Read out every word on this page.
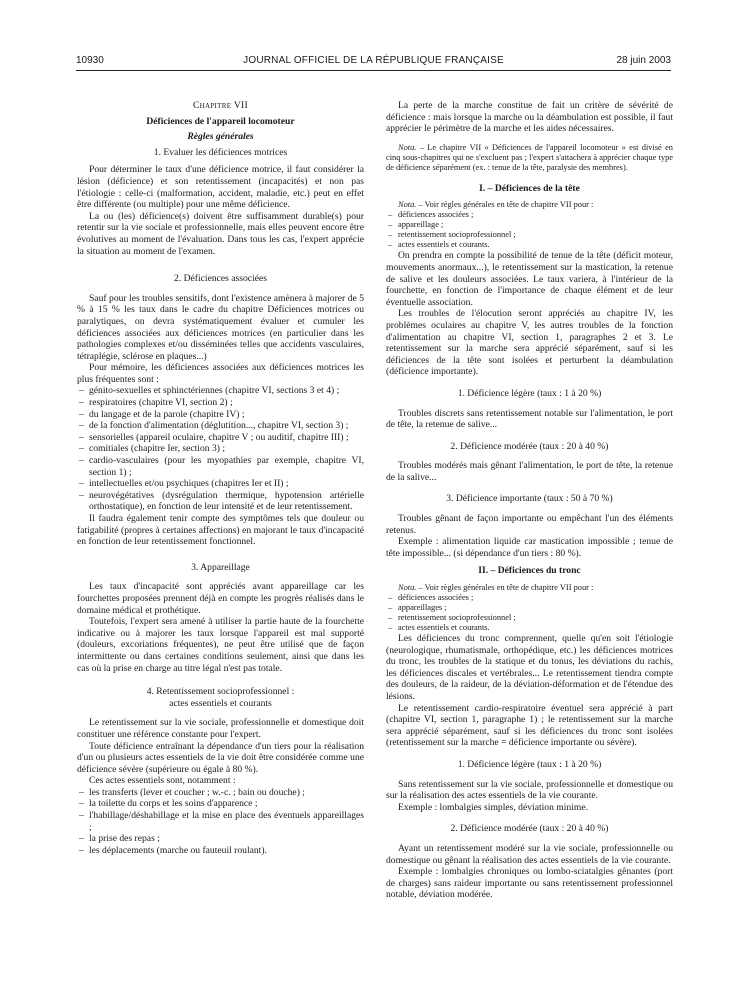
10930	JOURNAL OFFICIEL DE LA RÉPUBLIQUE FRANÇAISE	28 juin 2003

Chapitre VII

Déficiences de l'appareil locomoteur

Règles générales

1. Evaluer les déficiences motrices

Pour déterminer le taux d'une déficience motrice, il faut considérer la lésion (déficience) et son retentissement (incapacités) et non pas l'étiologie : celle-ci (malformation, accident, maladie, etc.) peut en effet être différente (ou multiple) pour une même déficience.

La ou (les) déficience(s) doivent être suffisamment durable(s) pour retentir sur la vie sociale et professionnelle, mais elles peuvent encore être évolutives au moment de l'évaluation. Dans tous les cas, l'expert apprécie la situation au moment de l'examen.

2. Déficiences associées

Sauf pour les troubles sensitifs, dont l'existence amènera à majorer de 5 % à 15 % les taux dans le cadre du chapitre Déficiences motrices ou paralytiques, on devra systématiquement évaluer et cumuler les déficiences associées aux déficiences motrices (en particulier dans les pathologies complexes et/ou disséminées telles que accidents vasculaires, tétraplégie, sclérose en plaques...)

Pour mémoire, les déficiences associées aux déficiences motrices les plus fréquentes sont :

– génito-sexuelles et sphinctériennes (chapitre VI, sections 3 et 4) ;
– respiratoires (chapitre VI, section 2) ;
– du langage et de la parole (chapitre IV) ;
– de la fonction d'alimentation (déglutition..., chapitre VI, section 3) ;
– sensorielles (appareil oculaire, chapitre V ; ou auditif, chapitre III) ;
– comitiales (chapitre Ier, section 3) ;
– cardio-vasculaires (pour les myopathies par exemple, chapitre VI, section 1) ;
– intellectuelles et/ou psychiques (chapitres Ier et II) ;
– neurovégétatives (dysrégulation thermique, hypotension artérielle orthostatique), en fonction de leur intensité et de leur retentissement.

Il faudra également tenir compte des symptômes tels que douleur ou fatigabilité (propres à certaines affections) en majorant le taux d'incapacité en fonction de leur retentissement fonctionnel.

3. Appareillage

Les taux d'incapacité sont appréciés avant appareillage car les fourchettes proposées prennent déjà en compte les progrès réalisés dans le domaine médical et prothétique.

Toutefois, l'expert sera amené à utiliser la partie haute de la fourchette indicative ou à majorer les taux lorsque l'appareil est mal supporté (douleurs, excoriations fréquentes), ne peut être utilisé que de façon intermittente ou dans certaines conditions seulement, ainsi que dans les cas où la prise en charge au titre légal n'est pas totale.

4. Retentissement socioprofessionnel :

actes essentiels et courants

Le retentissement sur la vie sociale, professionnelle et domestique doit constituer une référence constante pour l'expert.

Toute déficience entraînant la dépendance d'un tiers pour la réalisation d'un ou plusieurs actes essentiels de la vie doit être considérée comme une déficience sévère (supérieure ou égale à 80 %).

Ces actes essentiels sont, notamment :

– les transferts (lever et coucher ; w.-c. ; bain ou douche) ;
– la toilette du corps et les soins d'apparence ;
– l'habillage/déshabillage et la mise en place des éventuels appareillages ;
– la prise des repas ;
– les déplacements (marche ou fauteuil roulant).

La perte de la marche constitue de fait un critère de sévérité de déficience : mais lorsque la marche ou la déambulation est possible, il faut apprécier le périmètre de la marche et les aides nécessaires.

Nota. – Le chapitre VII « Déficiences de l'appareil locomoteur » est divisé en cinq sous-chapitres qui ne s'excluent pas ; l'expert s'attachera à apprécier chaque type de déficience séparément (ex. : tenue de la tête, paralysie des membres).

I. – Déficiences de la tête

Nota. – Voir règles générales en tête de chapitre VII pour :

– déficiences associées ;
– appareillage ;
– retentissement socioprofessionnel ;
– actes essentiels et courants.

On prendra en compte la possibilité de tenue de la tête (déficit moteur, mouvements anormaux...), le retentissement sur la mastication, la retenue de salive et les douleurs associées. Le taux variera, à l'intérieur de la fourchette, en fonction de l'importance de chaque élément et de leur éventuelle association.

Les troubles de l'élocution seront appréciés au chapitre IV, les problèmes oculaires au chapitre V, les autres troubles de la fonction d'alimentation au chapitre VI, section 1, paragraphes 2 et 3. Le retentissement sur la marche sera apprécié séparément, sauf si les déficiences de la tête sont isolées et perturbent la déambulation (déficience importante).

1. Déficience légère (taux : 1 à 20 %)

Troubles discrets sans retentissement notable sur l'alimentation, le port de tête, la retenue de salive...

2. Déficience modérée (taux : 20 à 40 %)

Troubles modérés mais gênant l'alimentation, le port de tête, la retenue de la salive...

3. Déficience importante (taux : 50 à 70 %)

Troubles gênant de façon importante ou empêchant l'un des éléments retenus.

Exemple : alimentation liquide car mastication impossible ; tenue de tête impossible... (si dépendance d'un tiers : 80 %).

II. – Déficiences du tronc

Nota. – Voir règles générales en tête de chapitre VII pour :

– déficiences associées ;
– appareillages ;
– retentissement socioprofessionnel ;
– actes essentiels et courants.

Les déficiences du tronc comprennent, quelle qu'en soit l'étiologie (neurologique, rhumatismale, orthopédique, etc.) les déficiences motrices du tronc, les troubles de la statique et du tonus, les déviations du rachis, les déficiences discales et vertébrales... Le retentissement tiendra compte des douleurs, de la raideur, de la déviation-déformation et de l'étendue des lésions.

Le retentissement cardio-respiratoire éventuel sera apprécié à part (chapitre VI, section 1, paragraphe 1) ; le retentissement sur la marche sera apprécié séparément, sauf si les déficiences du tronc sont isolées (retentissement sur la marche = déficience importante ou sévère).

1. Déficience légère (taux : 1 à 20 %)

Sans retentissement sur la vie sociale, professionnelle et domestique ou sur la réalisation des actes essentiels de la vie courante.

Exemple : lombalgies simples, déviation minime.

2. Déficience modérée (taux : 20 à 40 %)

Ayant un retentissement modéré sur la vie sociale, professionnelle ou domestique ou gênant la réalisation des actes essentiels de la vie courante.

Exemple : lombalgies chroniques ou lombo-sciatalgies gênantes (port de charges) sans raideur importante ou sans retentissement professionnel notable, déviation modérée.
